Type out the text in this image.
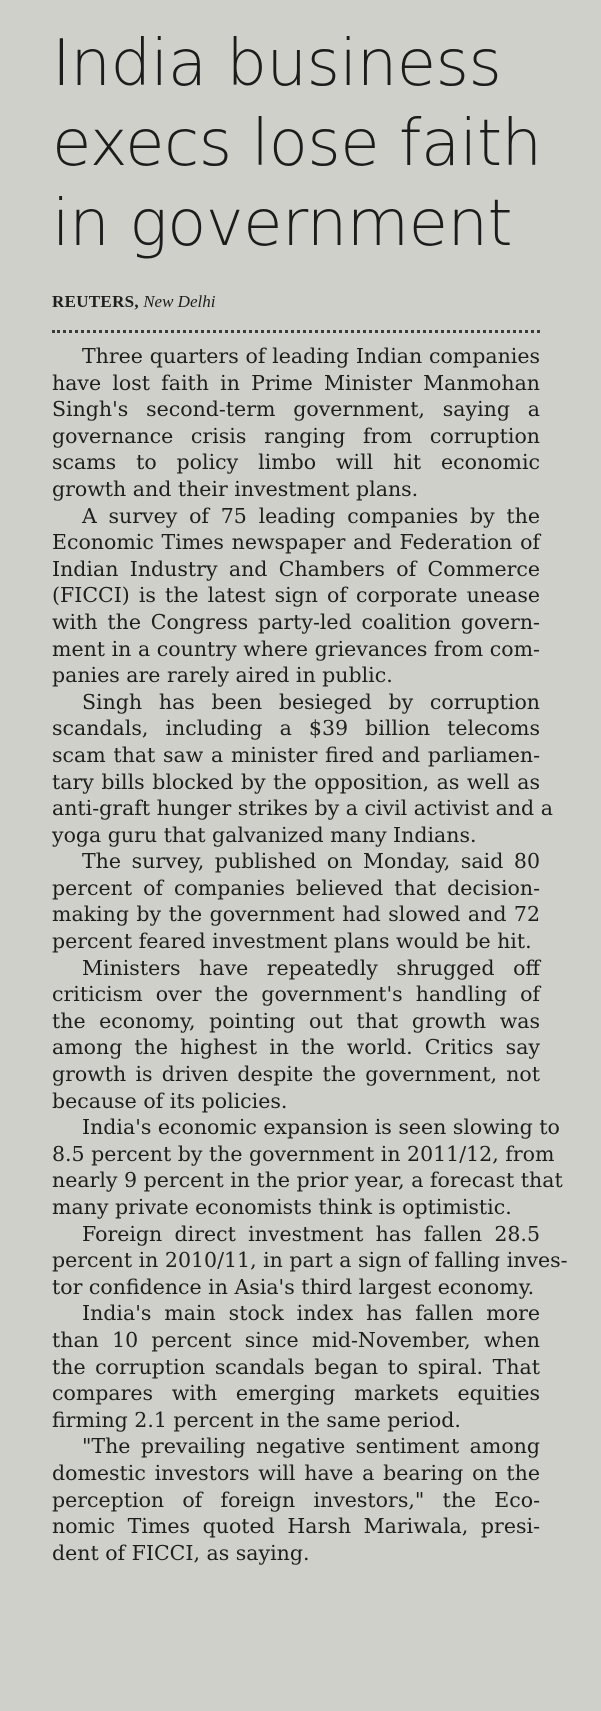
India business
execs lose faith
in government
REUTERS, New Delhi

Three quarters of leading Indian companies
have lost faith in Prime Minister Manmohan
Singh's second-term government, saying a
governance crisis ranging from corruption
scams to policy limbo will hit economic
growth and their investment plans.

A survey of 75 leading companies by the
Economic Times newspaper and Federation of
Indian Industry and Chambers of Commerce
(FICCI) is the latest sign of corporate unease
with the Congress party-led coalition govern-
ment in a country where grievances from com-
panies are rarely aired in public.

Singh has been besieged by corruption
scandals, including a $39 billion telecoms
scam that saw a minister fired and parliamen-
tary bills blocked by the opposition, as well as
anti-graft hunger strikes by a civil activist and a
yoga guru that galvanized many Indians.

The survey, published on Monday, said 80
percent of companies believed that decision-
making by the government had slowed and 72
percent feared investment plans would be hit.

Ministers have repeatedly shrugged off
criticism over the government's handling of
the economy, pointing out that growth was
among the highest in the world. Critics say
growth is driven despite the government, not
because of its policies.

India's economic expansion is seen slowing to
8.5 percent by the government in 2011/12, from
nearly 9 percent in the prior year, a forecast that
many private economists think is optimistic.

Foreign direct investment has fallen 28.5
percent in 2010/11, in part a sign of falling inves-
tor confidence in Asia's third largest economy.

India's main stock index has fallen more
than 10 percent since mid-November, when
the corruption scandals began to spiral. That
compares with emerging markets equities
firming 2.1 percent in the same period.

"The prevailing negative sentiment among
domestic investors will have a bearing on the
perception of foreign investors," the Eco-
nomic Times quoted Harsh Mariwala, presi-
dent of FICCI, as saying.
